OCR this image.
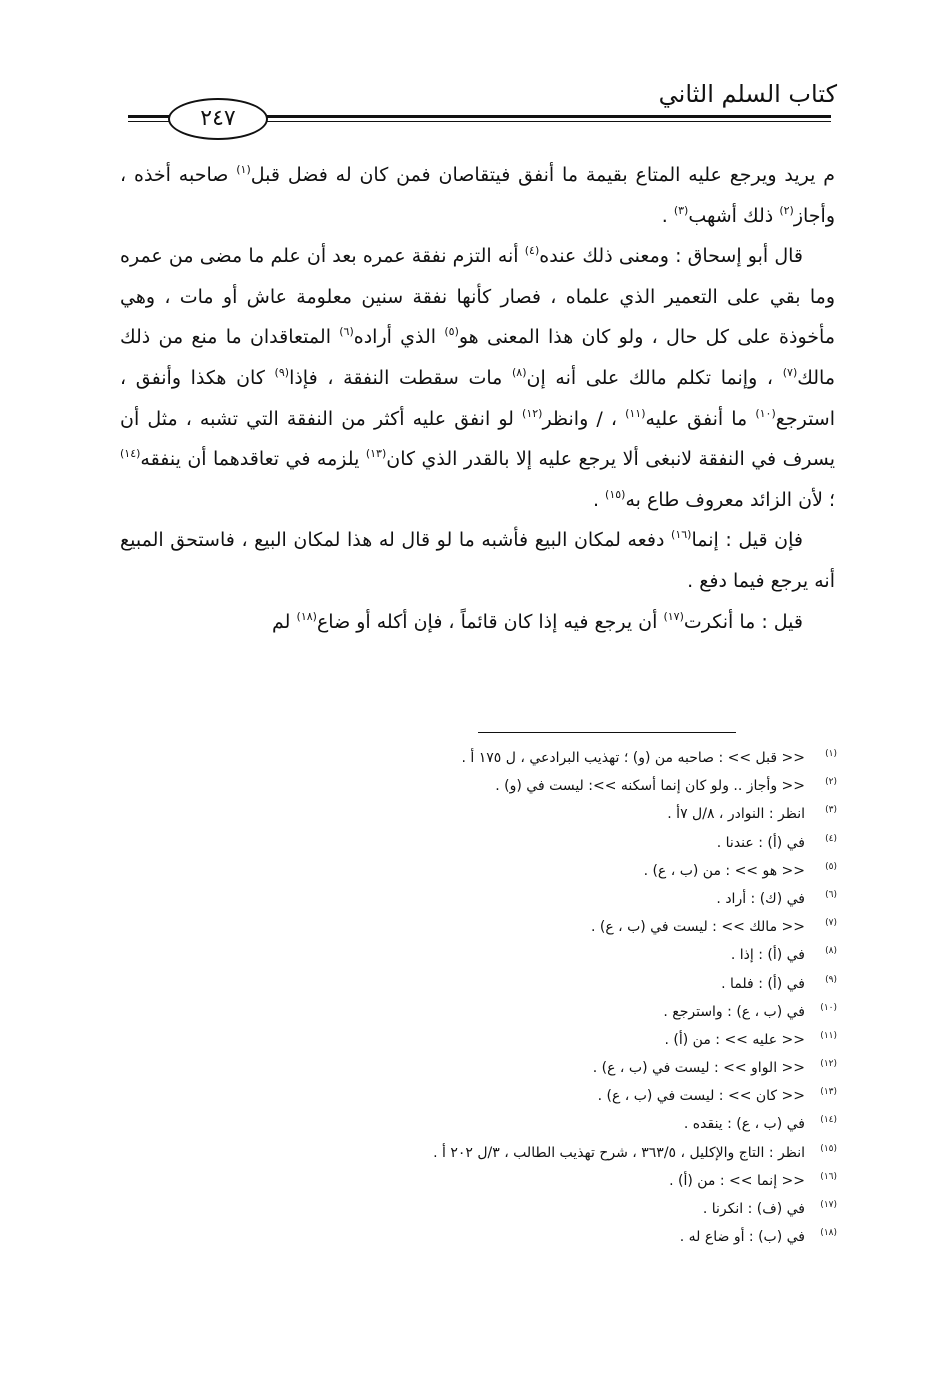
كتاب السلم الثاني
٢٤٧

م يريد ويرجع عليه المتاع بقيمة ما أنفق فيتقاصان فمن كان له فضل قبل$^{(١)}$ صاحبه أخذه ، وأجاز$^{(٢)}$ ذلك أشهب$^{(٣)}$ .

قال أبو إسحاق : ومعنى ذلك عنده$^{(٤)}$ أنه التزم نفقة عمره بعد أن علم ما مضى من عمره وما بقي على التعمير الذي علماه ، فصار كأنها نفقة سنين معلومة عاش أو مات ، وهي مأخوذة على كل حال ، ولو كان هذا المعنى هو$^{(٥)}$ الذي أراده$^{(٦)}$ المتعاقدان ما منع من ذلك مالك$^{(٧)}$ ، وإنما تكلم مالك على أنه إن$^{(٨)}$ مات سقطت النفقة ، فإذا$^{(٩)}$ كان هكذا وأنفق ، استرجع$^{(١٠)}$ ما أنفق عليه$^{(١١)}$ ، / وانظر$^{(١٢)}$ لو انفق عليه أكثر من النفقة التي تشبه ، مثل أن يسرف في النفقة لانبغى ألا يرجع عليه إلا بالقدر الذي كان$^{(١٣)}$ يلزمه في تعاقدهما أن ينفقه$^{(١٤)}$ ؛ لأن الزائد معروف طاع به$^{(١٥)}$ .

فإن قيل : إنما$^{(١٦)}$ دفعه لمكان البيع فأشبه ما لو قال له هذا لمكان البيع ، فاستحق المبيع أنه يرجع فيما دفع .

قيل : ما أنكرت$^{(١٧)}$ أن يرجع فيه إذا كان قائماً ، فإن أكله أو ضاع$^{(١٨)}$ لم

(١)<< قبل >> : صاحبه من (و) ؛ تهذيب البرادعي ، ل ١٧٥ أ .
(٢)<< وأجاز .. ولو كان إنما أسكنه >>: ليست في (و) .
(٣)انظر : النوادر ، ٨/ل ٧أ .
(٤)في (أ) : عندنا .
(٥)<< هو >> : من (ب ، ع) .
(٦)في (ك) : أراد .
(٧)<< مالك >> : ليست في (ب ، ع) .
(٨)في (أ) : إذا .
(٩)في (أ) : فلما .
(١٠)في (ب ، ع) : واسترجع .
(١١)<< عليه >> : من (أ) .
(١٢)<< الواو >> : ليست في (ب ، ع) .
(١٣)<< كان >> : ليست في (ب ، ع) .
(١٤)في (ب ، ع) : ينقده .
(١٥)انظر : التاج والإكليل ، ٣٦٣/٥ ، شرح تهذيب الطالب ، ٣/ل ٢٠٢ أ .
(١٦)<< إنما >> : من (أ) .
(١٧)في (ف) : انكرنا .
(١٨)في (ب) : أو ضاع له .
